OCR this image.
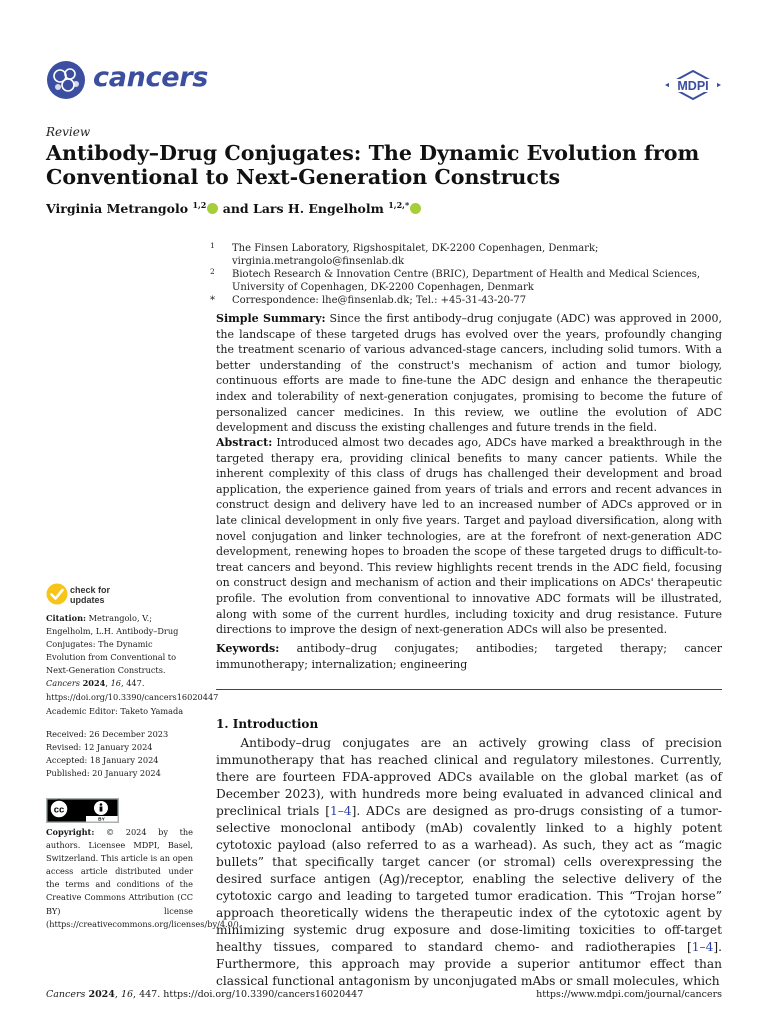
cancers	MDPI
Review
Antibody–Drug Conjugates: The Dynamic Evolution from Conventional to Next-Generation Constructs
Virginia Metrangolo $^{1,2}$ and Lars H. Engelholm $^{1,2,*}$
1 The Finsen Laboratory, Rigshospitalet, DK-2200 Copenhagen, Denmark; virginia.metrangolo@finsenlab.dk
2 Biotech Research & Innovation Centre (BRIC), Department of Health and Medical Sciences, University of Copenhagen, DK-2200 Copenhagen, Denmark
* Correspondence: lhe@finsenlab.dk; Tel.: +45-31-43-20-77
Simple Summary: Since the first antibody–drug conjugate (ADC) was approved in 2000, the landscape of these targeted drugs has evolved over the years, profoundly changing the treatment scenario of various advanced-stage cancers, including solid tumors. With a better understanding of the construct's mechanism of action and tumor biology, continuous efforts are made to fine-tune the ADC design and enhance the therapeutic index and tolerability of next-generation conjugates, promising to become the future of personalized cancer medicines. In this review, we outline the evolution of ADC development and discuss the existing challenges and future trends in the field.
Abstract: Introduced almost two decades ago, ADCs have marked a breakthrough in the targeted therapy era, providing clinical benefits to many cancer patients. While the inherent complexity of this class of drugs has challenged their development and broad application, the experience gained from years of trials and errors and recent advances in construct design and delivery have led to an increased number of ADCs approved or in late clinical development in only five years. Target and payload diversification, along with novel conjugation and linker technologies, are at the forefront of next-generation ADC development, renewing hopes to broaden the scope of these targeted drugs to difficult-to-treat cancers and beyond. This review highlights recent trends in the ADC field, focusing on construct design and mechanism of action and their implications on ADCs' therapeutic profile. The evolution from conventional to innovative ADC formats will be illustrated, along with some of the current hurdles, including toxicity and drug resistance. Future directions to improve the design of next-generation ADCs will also be presented.
Keywords: antibody–drug conjugates; antibodies; targeted therapy; cancer immunotherapy; internalization; engineering
1. Introduction
  Antibody–drug conjugates are an actively growing class of precision immunotherapy that has reached clinical and regulatory milestones. Currently, there are fourteen FDA-approved ADCs available on the global market (as of December 2023), with hundreds more being evaluated in advanced clinical and preclinical trials [1–4]. ADCs are designed as pro-drugs consisting of a tumor-selective monoclonal antibody (mAb) covalently linked to a highly potent cytotoxic payload (also referred to as a warhead). As such, they act as “magic bullets” that specifically target cancer (or stromal) cells overexpressing the desired surface antigen (Ag)/receptor, enabling the selective delivery of the cytotoxic cargo and leading to targeted tumor eradication. This “Trojan horse” approach theoretically widens the therapeutic index of the cytotoxic agent by minimizing systemic drug exposure and dose-limiting toxicities to off-target healthy tissues, compared to standard chemo- and radiotherapies [1–4]. Furthermore, this approach may provide a superior antitumor effect than classical functional antagonism by unconjugated mAbs or small molecules, which
check for
updates
Citation: Metrangolo, V.; Engelholm, L.H. Antibody–Drug Conjugates: The Dynamic Evolution from Conventional to Next-Generation Constructs. Cancers 2024, 16, 447. https://doi.org/10.3390/cancers16020447
Academic Editor: Taketo Yamada
Received: 26 December 2023
Revised: 12 January 2024
Accepted: 18 January 2024
Published: 20 January 2024
cc
BY
Copyright: © 2024 by the authors. Licensee MDPI, Basel, Switzerland. This article is an open access article distributed under the terms and conditions of the Creative Commons Attribution (CC BY) license (https://creativecommons.org/licenses/by/4.0/).
Cancers 2024, 16, 447. https://doi.org/10.3390/cancers16020447	https://www.mdpi.com/journal/cancers
